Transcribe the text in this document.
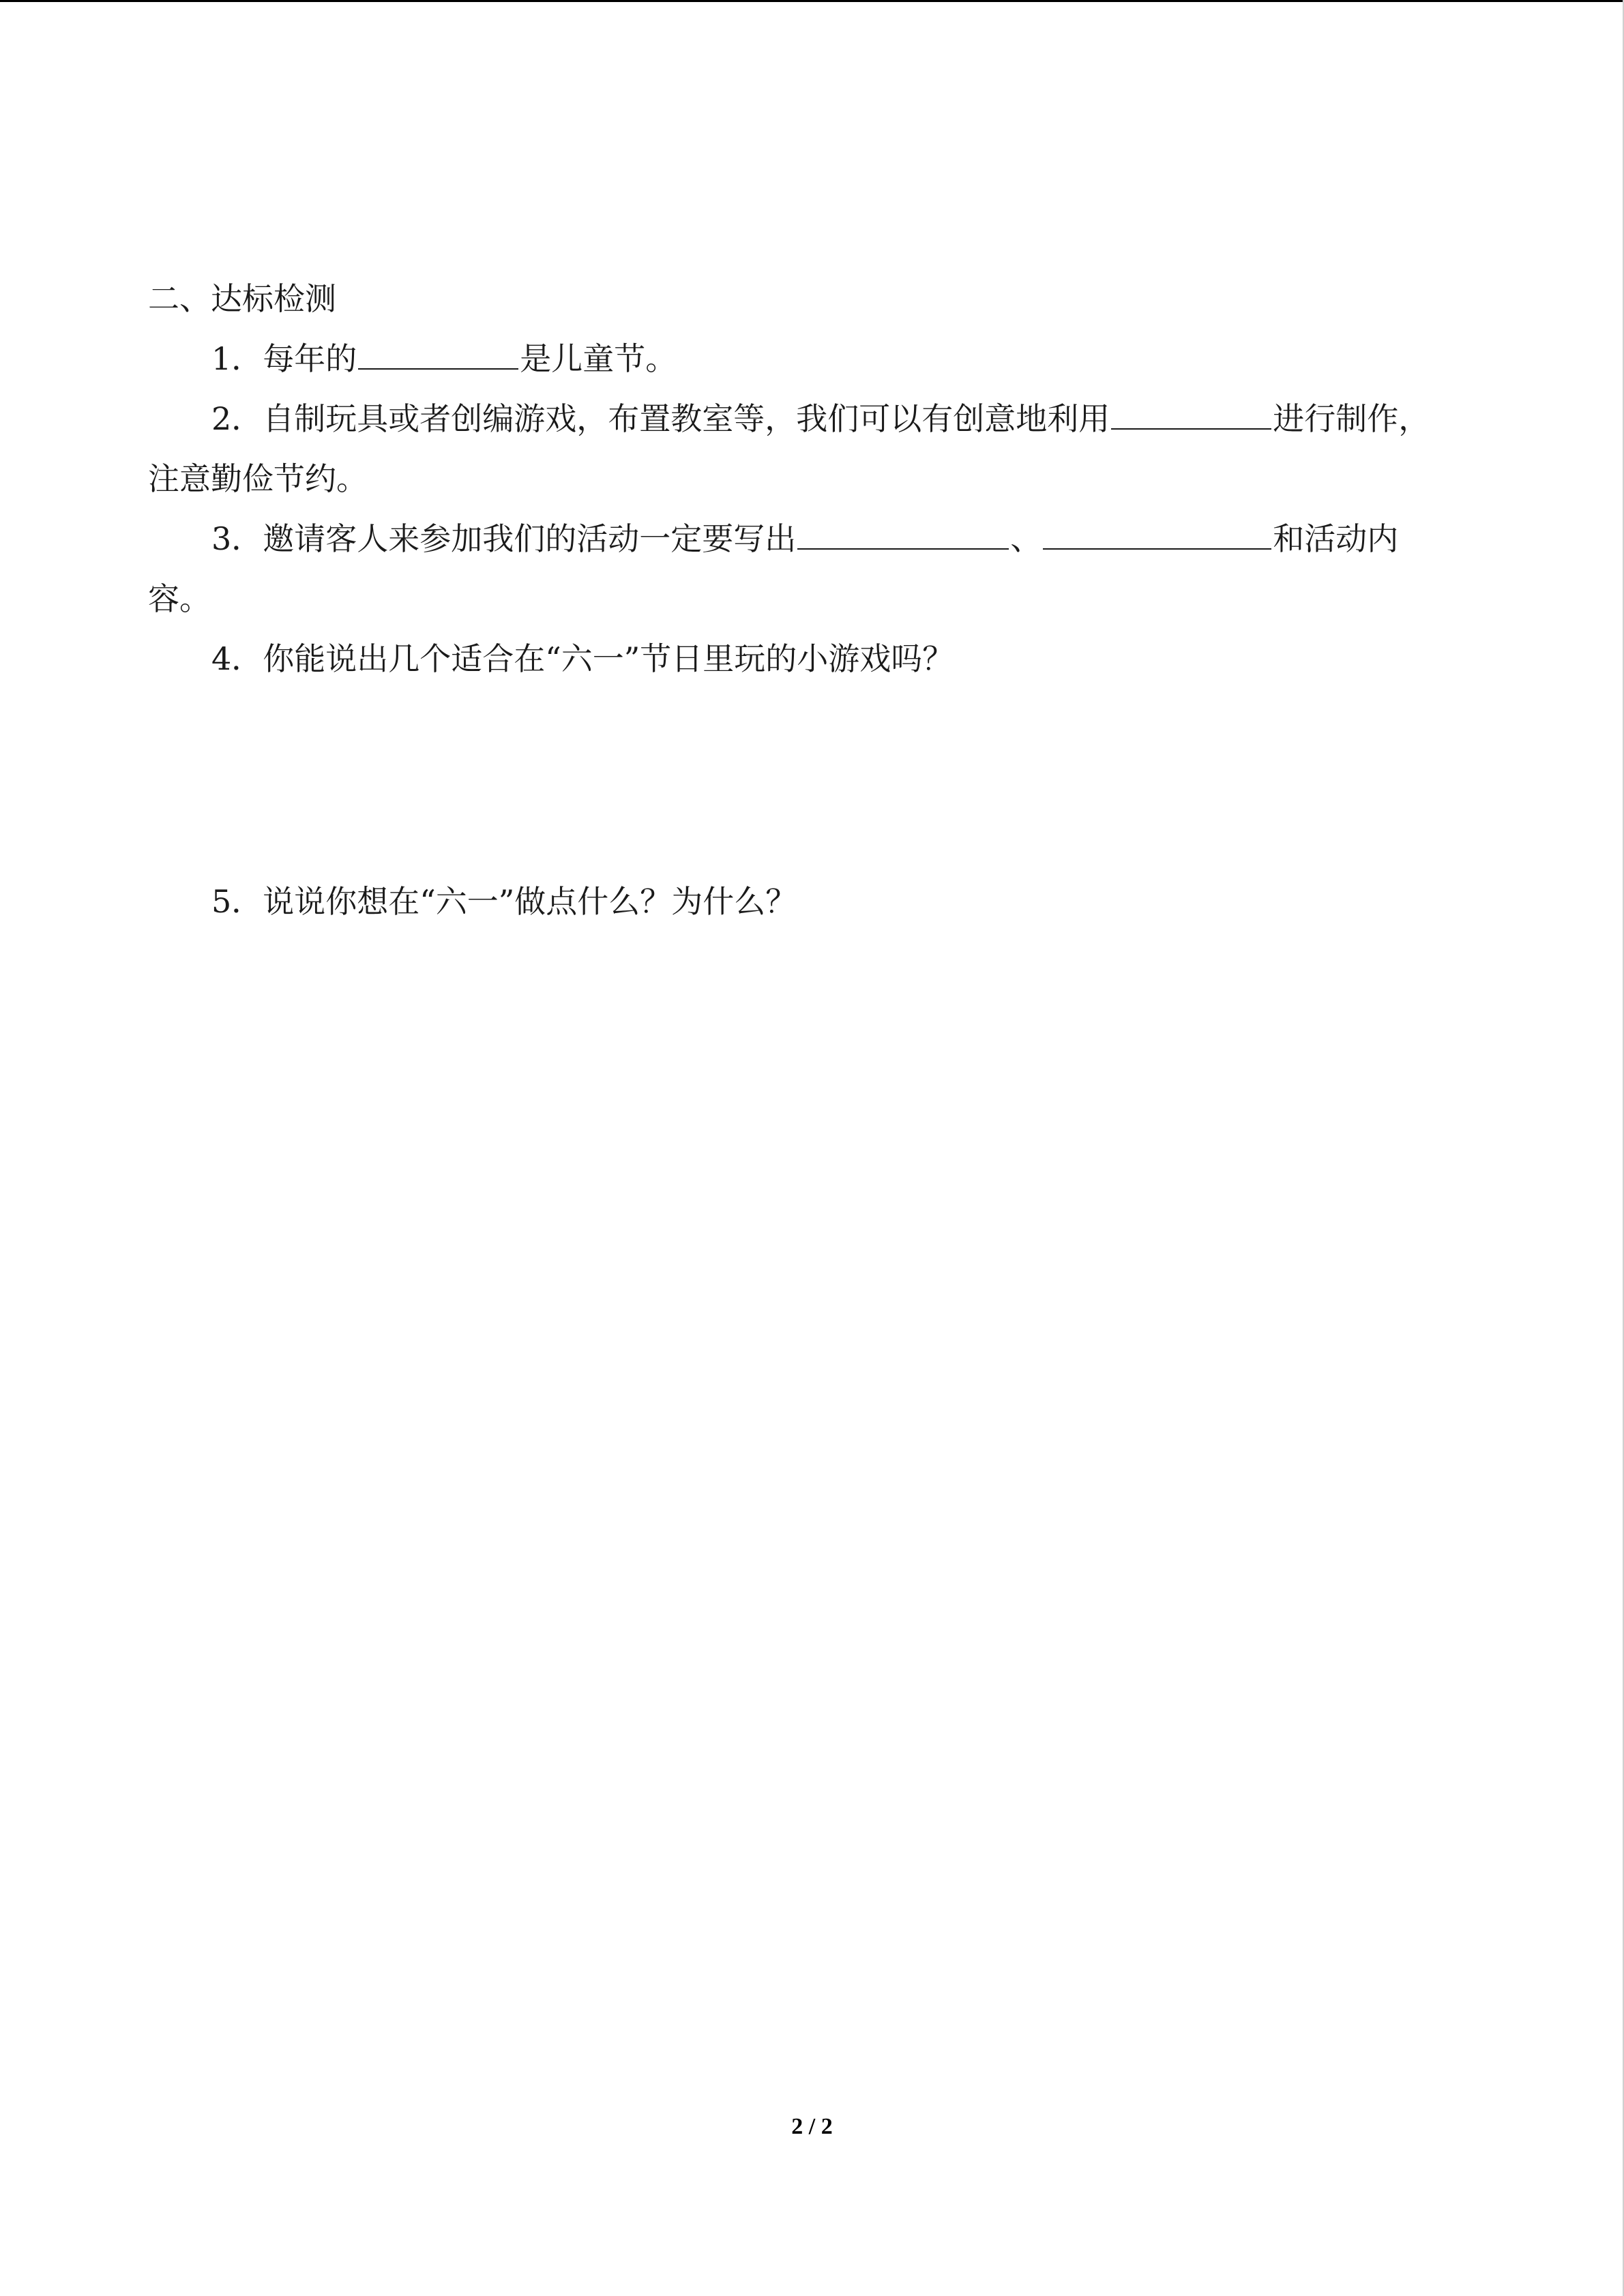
二、达标检测
1．每年的	是儿童节。
2．自制玩具或者创编游戏，布置教室等，我们可以有创意地利用	进行制作，
注意勤俭节约。
3．邀请客人来参加我们的活动一定要写出	、	和活动内
容。
4．你能说出几个适合在“六一”节日里玩的小游戏吗？
5．说说你想在“六一”做点什么？为什么？
2 / 2
